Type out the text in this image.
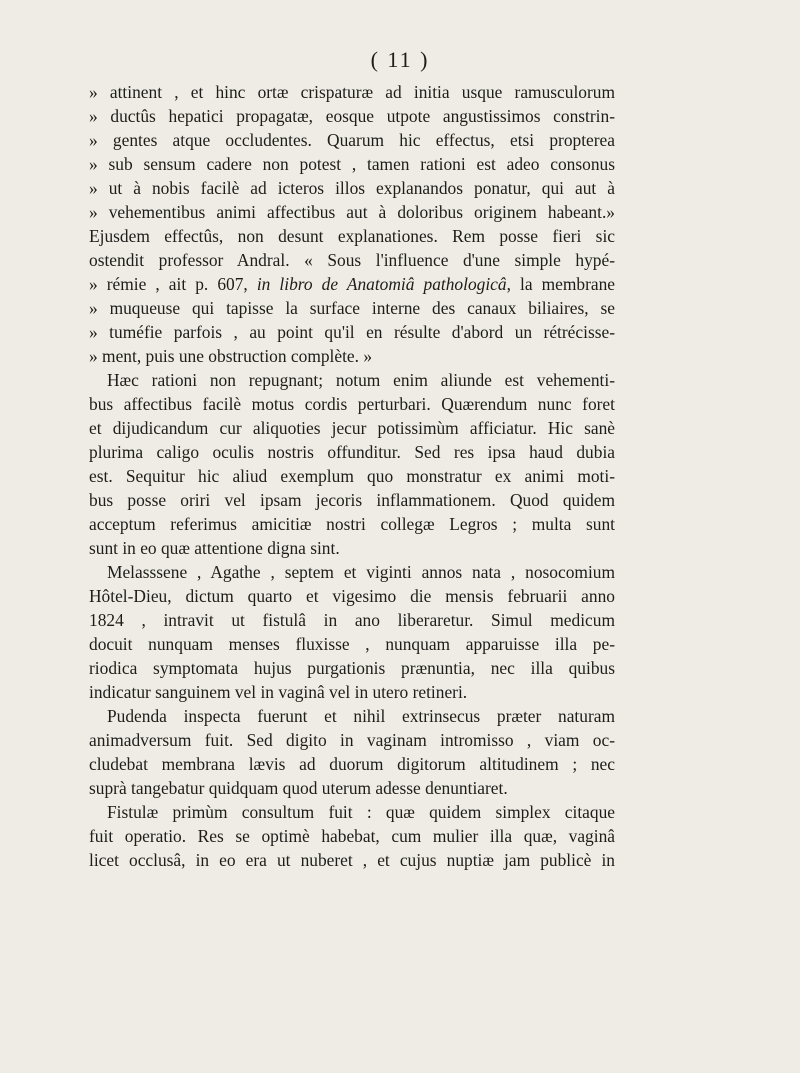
( 11 )
» attinent , et hinc ortæ crispaturæ ad initia usque ramusculorum
» ductûs hepatici propagatæ, eosque utpote angustissimos constrin-
» gentes atque occludentes. Quarum hic effectus, etsi propterea
» sub sensum cadere non potest , tamen rationi est adeo consonus
» ut à nobis facilè ad icteros illos explanandos ponatur, qui aut à
» vehementibus animi affectibus aut à doloribus originem habeant.»
Ejusdem effectûs, non desunt explanationes. Rem posse fieri sic
ostendit professor Andral. « Sous l'influence d'une simple hypé-
» rémie , ait p. 607, in libro de Anatomiâ pathologicâ, la membrane
» muqueuse qui tapisse la surface interne des canaux biliaires, se
» tuméfie parfois , au point qu'il en résulte d'abord un rétrécisse-
» ment, puis une obstruction complète. »
Hæc rationi non repugnant; notum enim aliunde est vehementi-
bus affectibus facilè motus cordis perturbari. Quærendum nunc foret
et dijudicandum cur aliquoties jecur potissimùm afficiatur. Hic sanè
plurima caligo oculis nostris offunditur. Sed res ipsa haud dubia
est. Sequitur hic aliud exemplum quo monstratur ex animi moti-
bus posse oriri vel ipsam jecoris inflammationem. Quod quidem
acceptum referimus amicitiæ nostri collegæ Legros ; multa sunt
sunt in eo quæ attentione digna sint.
Melasssene , Agathe , septem et viginti annos nata , nosocomium
Hôtel-Dieu, dictum quarto et vigesimo die mensis februarii anno
1824 , intravit ut fistulâ in ano liberaretur. Simul medicum
docuit nunquam menses fluxisse , nunquam apparuisse illa pe-
riodica symptomata hujus purgationis prænuntia, nec illa quibus
indicatur sanguinem vel in vaginâ vel in utero retineri.
Pudenda inspecta fuerunt et nihil extrinsecus præter naturam
animadversum fuit. Sed digito in vaginam intromisso , viam oc-
cludebat membrana lævis ad duorum digitorum altitudinem ; nec
suprà tangebatur quidquam quod uterum adesse denuntiaret.
Fistulæ primùm consultum fuit : quæ quidem simplex citaque
fuit operatio. Res se optimè habebat, cum mulier illa quæ, vaginâ
licet occlusâ, in eo era ut nuberet , et cujus nuptiæ jam publicè in
